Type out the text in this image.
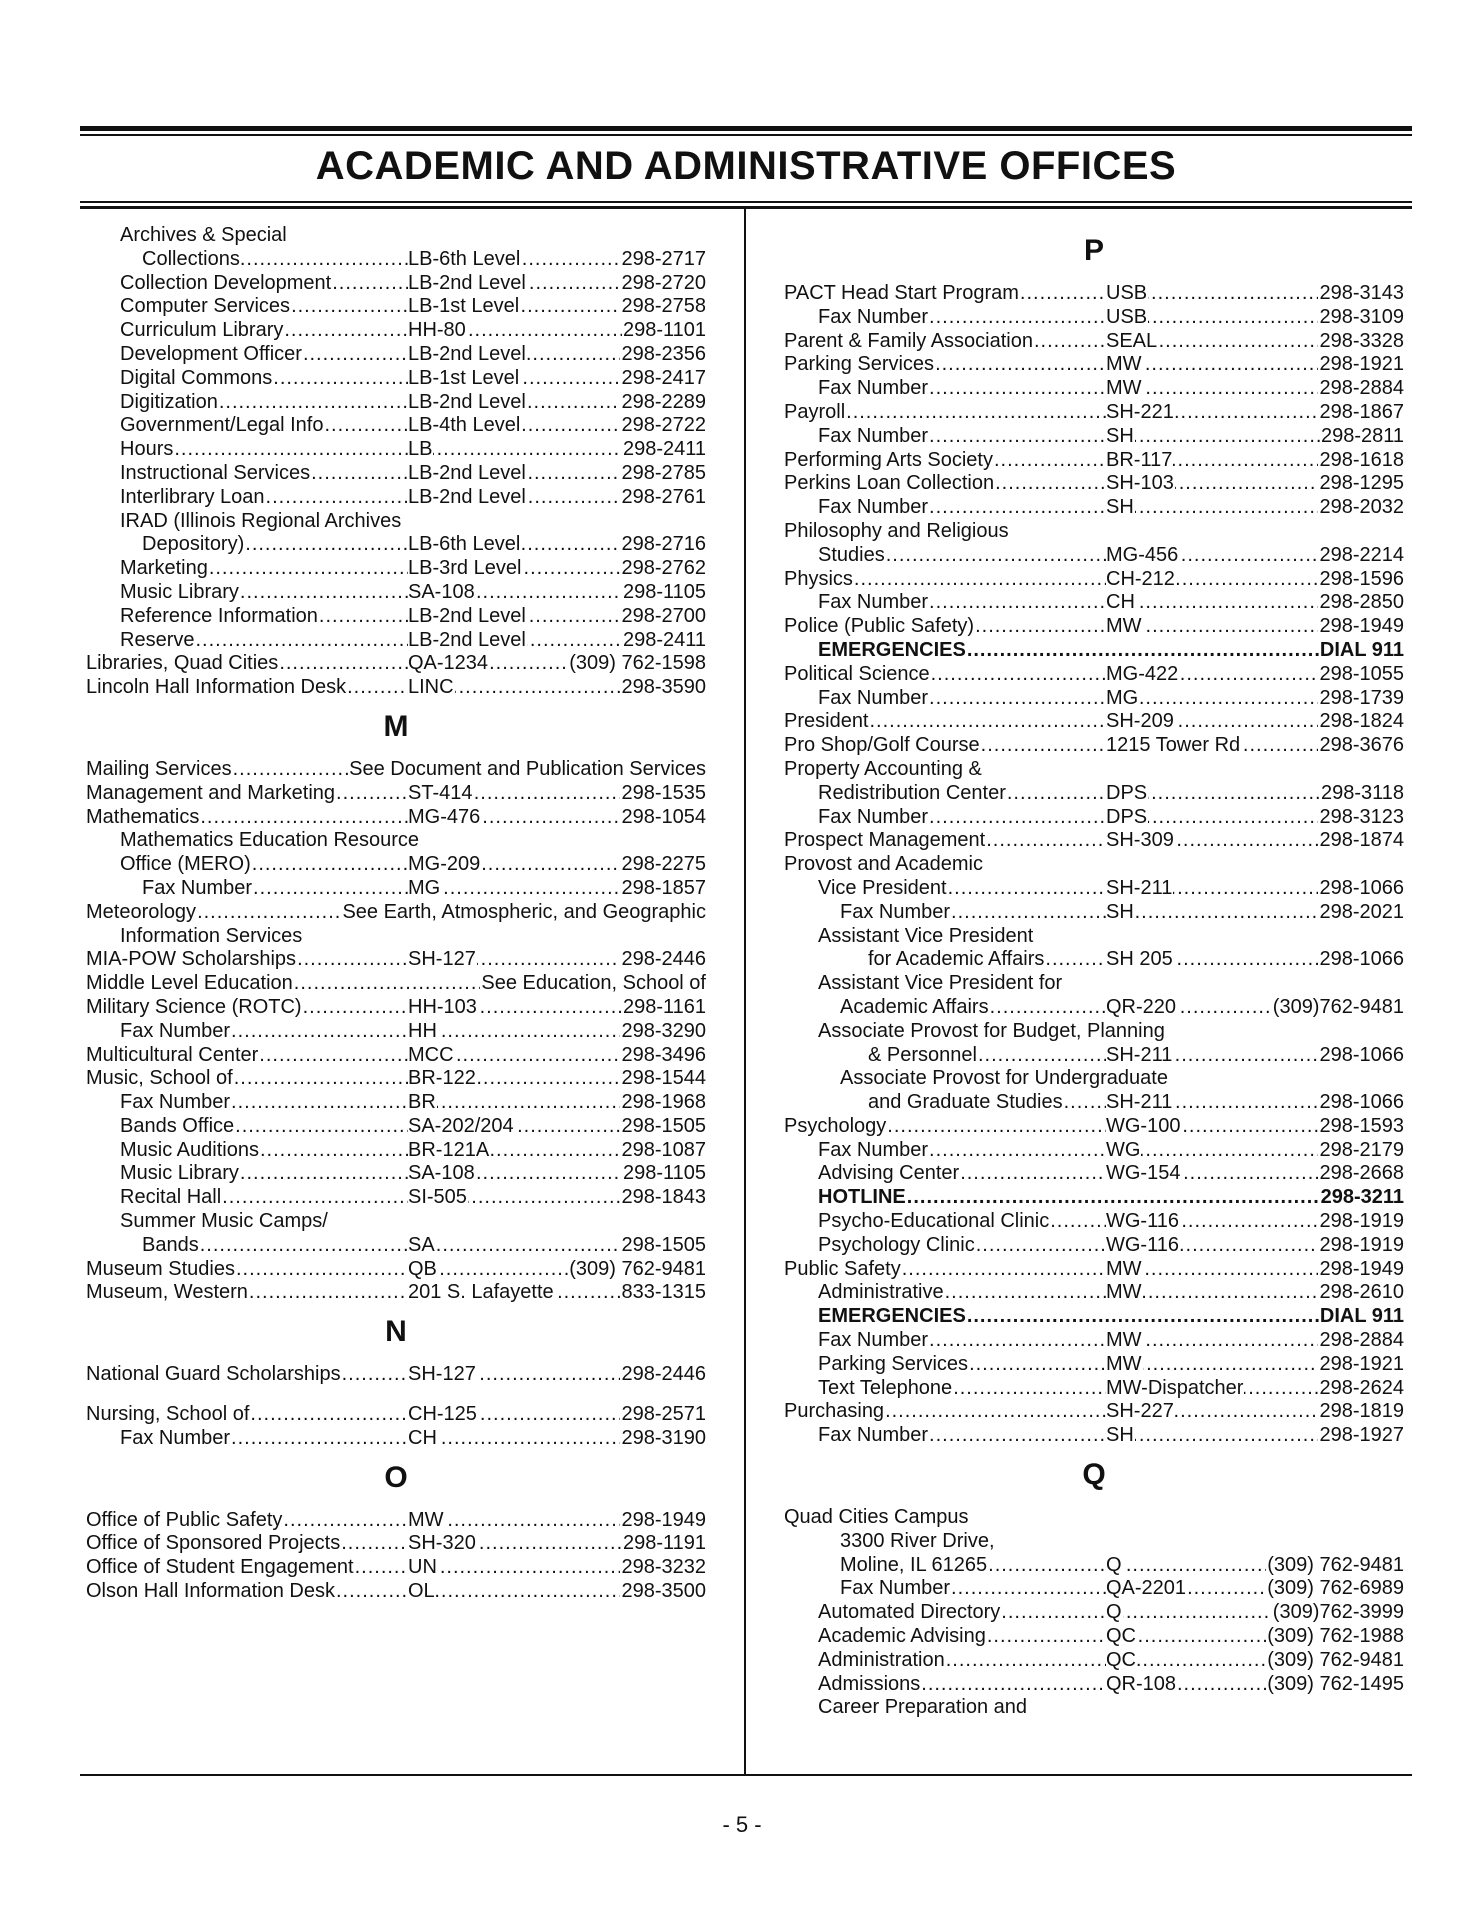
ACADEMIC AND ADMINISTRATIVE OFFICES
Archives & Special
Collections. .....	LB-6th Level	298-2717
Collection Development .....	LB-2nd Level	298-2720
Computer Services .....	LB-1st Level	298-2758
Curriculum Library .....	HH-80	298-1101
Development Officer .....	LB-2nd Level	298-2356
Digital Commons .....	LB-1st Level	298-2417
Digitization .....	LB-2nd Level	298-2289
Government/Legal Info .....	LB-4th Level	298-2722
Hours .....	LB	298-2411
Instructional Services .....	LB-2nd Level	298-2785
Interlibrary Loan .....	LB-2nd Level	298-2761
IRAD (Illinois Regional Archives
Depository) .....	LB-6th Level	298-2716
Marketing .....	LB-3rd Level	298-2762
Music Library .....	SA-108	298-1105
Reference Information .....	LB-2nd Level	298-2700
Reserve .....	LB-2nd Level	298-2411
Libraries, Quad Cities .....	QA-1234	(309) 762-1598
Lincoln Hall Information Desk .....	LINC	298-3590
M
Mailing Services .....	See Document and Publication Services
Management and Marketing .....	ST-414	298-1535
Mathematics .....	MG-476	298-1054
Mathematics Education Resource
Office (MERO) .....	MG-209	298-2275
Fax Number .....	MG	298-1857
Meteorology .....	See Earth, Atmospheric, and Geographic
Information Services
MIA-POW Scholarships .....	SH-127	298-2446
Middle Level Education .....	See Education, School of
Military Science (ROTC) .....	HH-103	298-1161
Fax Number .....	HH	298-3290
Multicultural Center .....	MCC	298-3496
Music, School of .....	BR-122	298-1544
Fax Number .....	BR	298-1968
Bands Office .....	SA-202/204	298-1505
Music Auditions .....	BR-121A	298-1087
Music Library .....	SA-108	298-1105
Recital Hall .....	SI-505	298-1843
Summer Music Camps/
Bands .....	SA	298-1505
Museum Studies .....	QB	(309) 762-9481
Museum, Western .....	201 S. Lafayette	833-1315
N
National Guard Scholarships .....	SH-127	298-2446
Nursing, School of .....	CH-125	298-2571
Fax Number .....	CH	298-3190
O
Office of Public Safety .....	MW	298-1949
Office of Sponsored Projects .....	SH-320	298-1191
Office of Student Engagement .....	UN	298-3232
Olson Hall Information Desk .....	OL	298-3500
P
PACT Head Start Program .....	USB	298-3143
Fax Number .....	USB	298-3109
Parent & Family Association .....	SEAL	298-3328
Parking Services .....	MW	298-1921
Fax Number .....	MW	298-2884
Payroll .....	SH-221	298-1867
Fax Number .....	SH	298-2811
Performing Arts Society .....	BR-117	298-1618
Perkins Loan Collection .....	SH-103	298-1295
Fax Number .....	SH	298-2032
Philosophy and Religious
Studies .....	MG-456	298-2214
Physics .....	CH-212	298-1596
Fax Number .....	CH	298-2850
Police (Public Safety) .....	MW	298-1949
EMERGENCIES .....	DIAL 911
Political Science .....	MG-422	298-1055
Fax Number .....	MG	298-1739
President .....	SH-209	298-1824
Pro Shop/Golf Course .....	1215 Tower Rd	298-3676
Property Accounting &
Redistribution Center .....	DPS	298-3118
Fax Number .....	DPS	298-3123
Prospect Management .....	SH-309	298-1874
Provost and Academic
Vice President .....	SH-211	298-1066
Fax Number .....	SH	298-2021
Assistant Vice President
for Academic Affairs .....	SH 205	298-1066
Assistant Vice President for
Academic Affairs .....	QR-220	(309)762-9481
Associate Provost for Budget, Planning
& Personnel .....	SH-211	298-1066
Associate Provost for Undergraduate
and Graduate Studies ..... SH-211	298-1066
Psychology .....	WG-100	298-1593
Fax Number .....	WG	298-2179
Advising Center .....	WG-154	298-2668
HOTLINE .....	298-3211
Psycho-Educational Clinic .....	WG-116	298-1919
Psychology Clinic .....	WG-116	298-1919
Public Safety .....	MW	298-1949
Administrative .....	MW	298-2610
EMERGENCIES .....	DIAL 911
Fax Number .....	MW	298-2884
Parking Services .....	MW	298-1921
Text Telephone .....	MW-Dispatcher	298-2624
Purchasing .....	SH-227	298-1819
Fax Number .....	SH	298-1927
Q
Quad Cities Campus
3300 River Drive,
Moline, IL 61265 .....	Q	(309) 762-9481
Fax Number .....	QA-2201	(309) 762-6989
Automated Directory .....	Q	(309)762-3999
Academic Advising .....	QC	(309) 762-1988
Administration .....	QC	(309) 762-9481
Admissions .....	QR-108	(309) 762-1495
Career Preparation and
- 5 -
